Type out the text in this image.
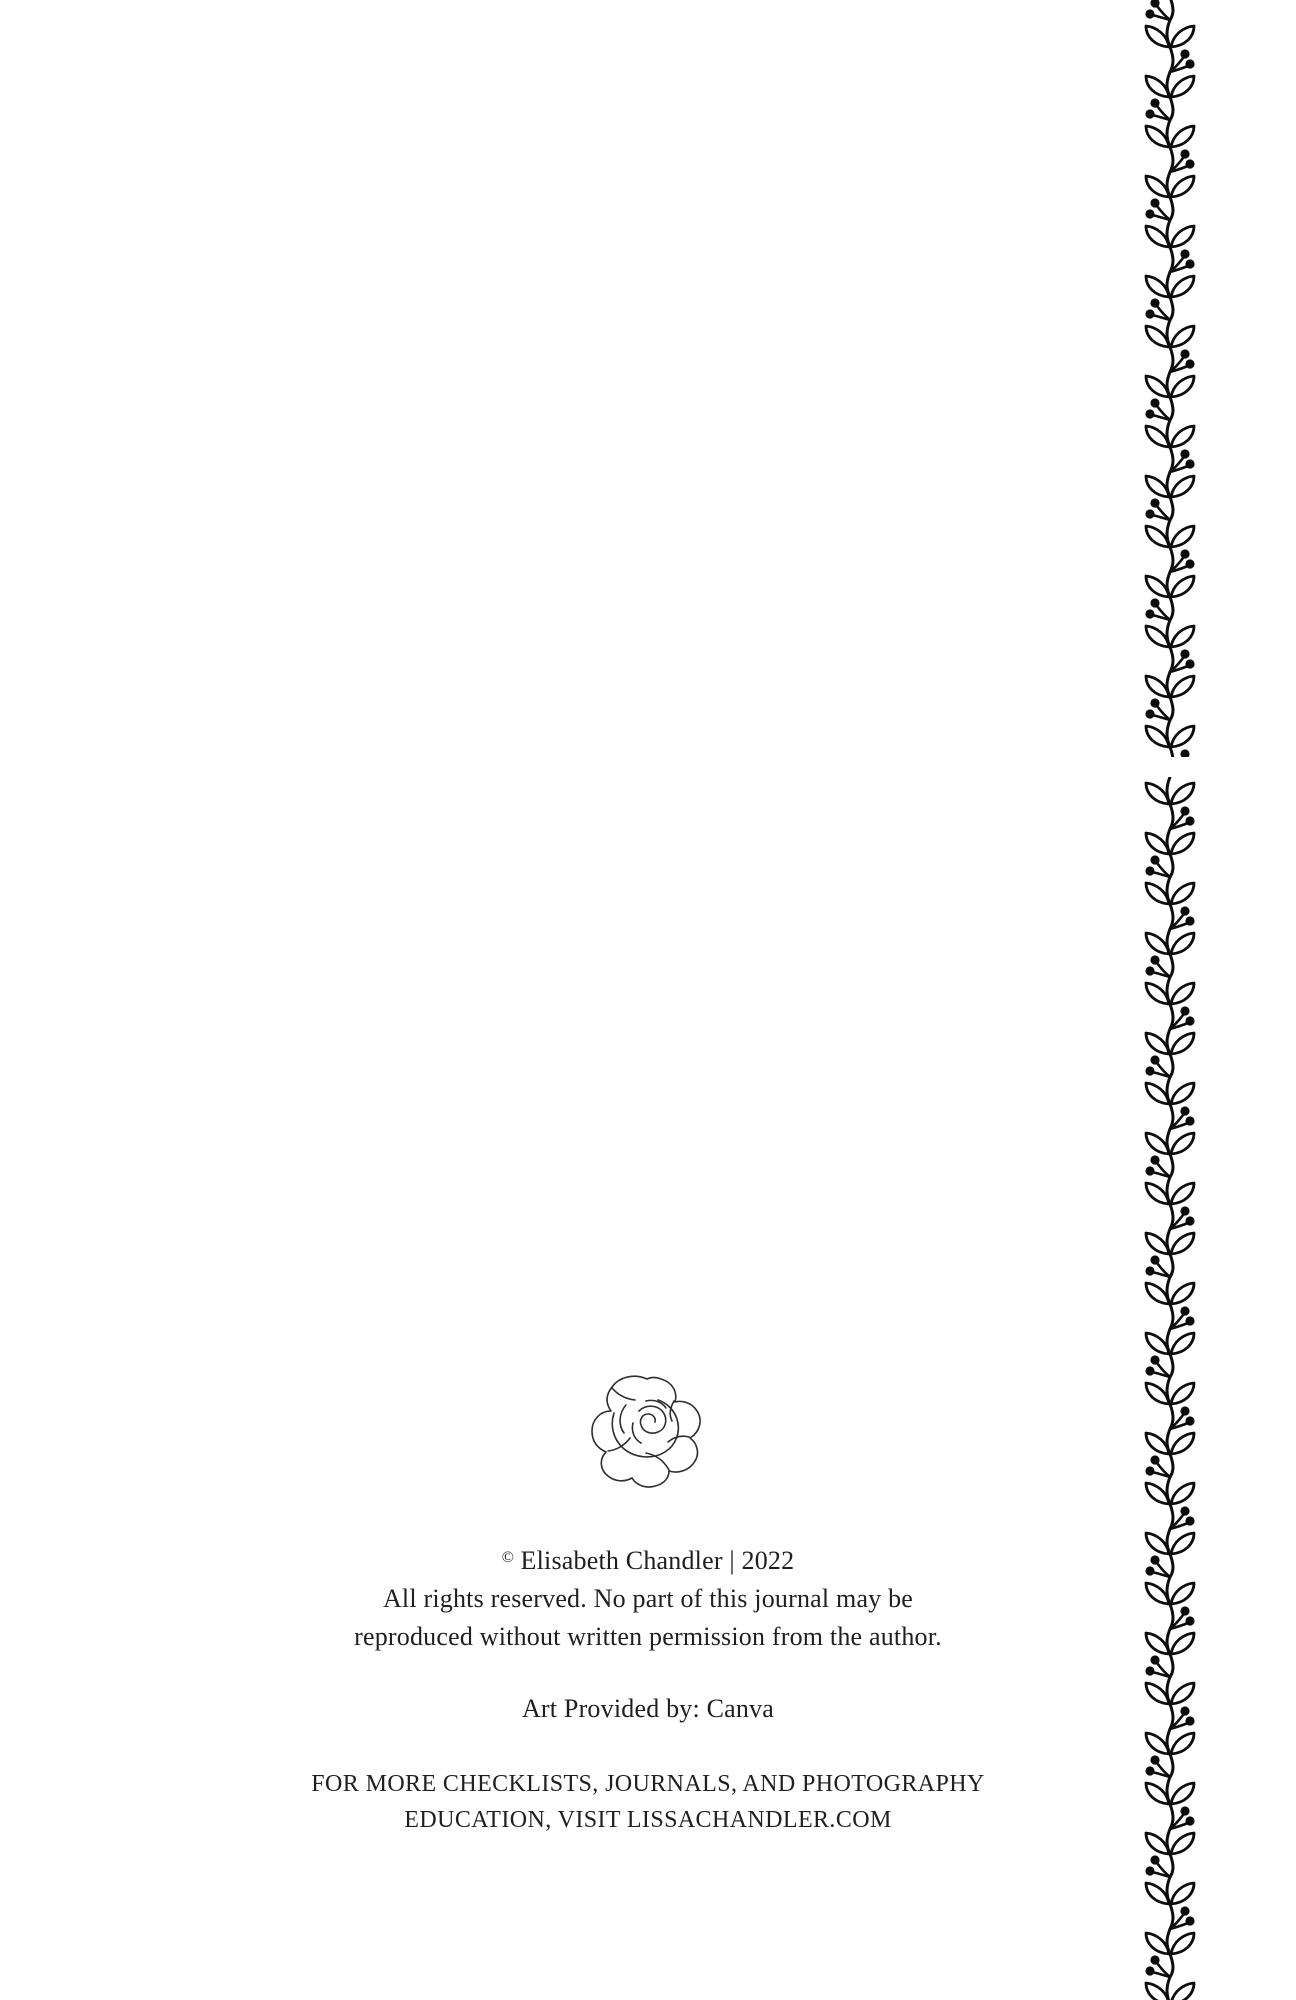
© Elisabeth Chandler | 2022
All rights reserved. No part of this journal may be
reproduced without written permission from the author.
Art Provided by: Canva
FOR MORE CHECKLISTS, JOURNALS, AND PHOTOGRAPHY
EDUCATION, VISIT LISSACHANDLER.COM
